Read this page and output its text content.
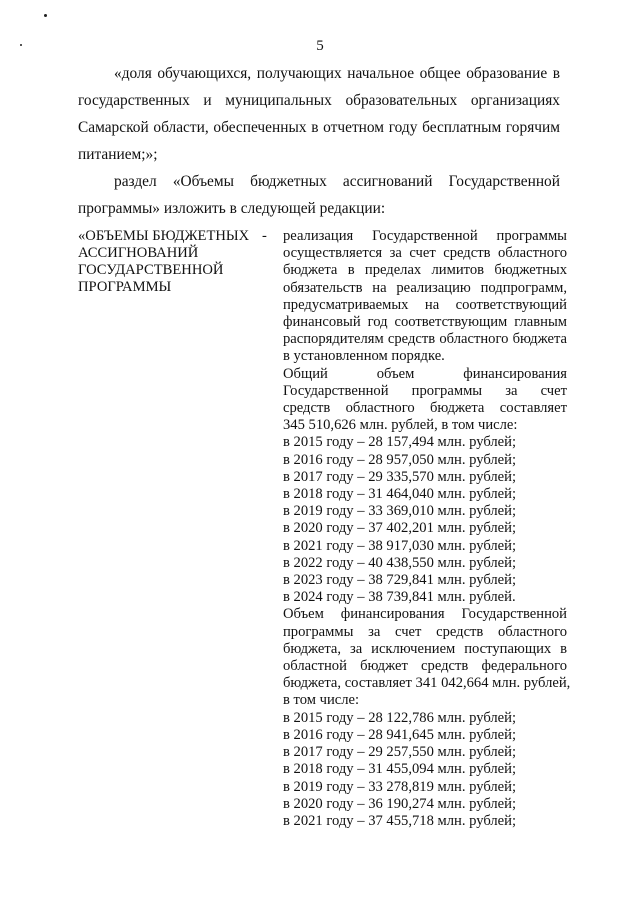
5
«доля обучающихся, получающих начальное общее образование в
государственных и муниципальных образовательных организациях
Самарской области, обеспеченных в отчетном году бесплатным горячим
питанием;»;
раздел «Объемы бюджетных ассигнований Государственной
программы» изложить в следующей редакции:
«ОБЪЕМЫ БЮДЖЕТНЫХ
АССИГНОВАНИЙ
ГОСУДАРСТВЕННОЙ
ПРОГРАММЫ
- реализация Государственной программы
осуществляется за счет средств областного
бюджета в пределах лимитов бюджетных
обязательств на реализацию подпрограмм,
предусматриваемых на соответствующий
финансовый год соответствующим главным
распорядителям средств областного бюджета
в установленном порядке.
Общий объем финансирования
Государственной программы за счет
средств областного бюджета составляет
345 510,626 млн. рублей, в том числе:
в 2015 году – 28 157,494 млн. рублей;
в 2016 году – 28 957,050 млн. рублей;
в 2017 году – 29 335,570 млн. рублей;
в 2018 году – 31 464,040 млн. рублей;
в 2019 году – 33 369,010 млн. рублей;
в 2020 году – 37 402,201 млн. рублей;
в 2021 году – 38 917,030 млн. рублей;
в 2022 году – 40 438,550 млн. рублей;
в 2023 году – 38 729,841 млн. рублей;
в 2024 году – 38 739,841 млн. рублей.
Объем финансирования Государственной
программы за счет средств областного
бюджета, за исключением поступающих в
областной бюджет средств федерального
бюджета, составляет 341 042,664 млн. рублей,
в том числе:
в 2015 году – 28 122,786 млн. рублей;
в 2016 году – 28 941,645 млн. рублей;
в 2017 году – 29 257,550 млн. рублей;
в 2018 году – 31 455,094 млн. рублей;
в 2019 году – 33 278,819 млн. рублей;
в 2020 году – 36 190,274 млн. рублей;
в 2021 году – 37 455,718 млн. рублей;
